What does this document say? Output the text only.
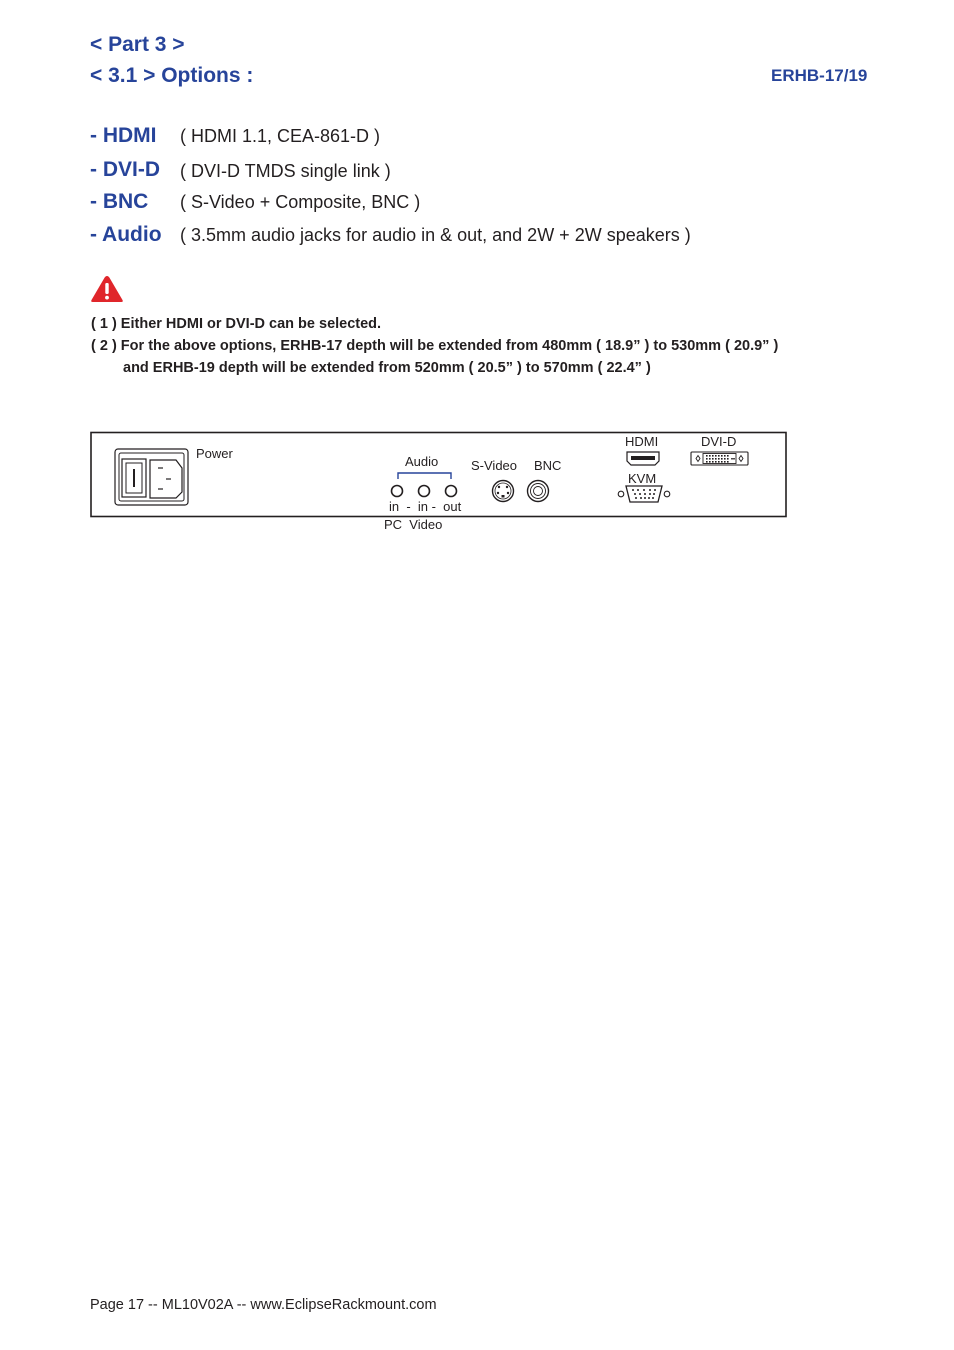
< Part 3 >
< 3.1 > Options :	ERHB-17/19
- HDMI ( HDMI 1.1, CEA-861-D )
- DVI-D ( DVI-D TMDS single link )
- BNC ( S-Video + Composite, BNC )
- Audio ( 3.5mm audio jacks for audio in & out, and 2W + 2W speakers )
( 1 ) Either HDMI or DVI-D can be selected.
( 2 ) For the above options, ERHB-17 depth will be extended from 480mm ( 18.9” ) to 530mm ( 20.9” )
and ERHB-19 depth will be extended from 520mm ( 20.5” ) to 570mm ( 22.4” )
Power
Audio
in  -  in -  out
PC  Video
S-Video BNC
HDMI
KVM
DVI-D
Page 17 -- ML10V02A -- www.EclipseRackmount.com
